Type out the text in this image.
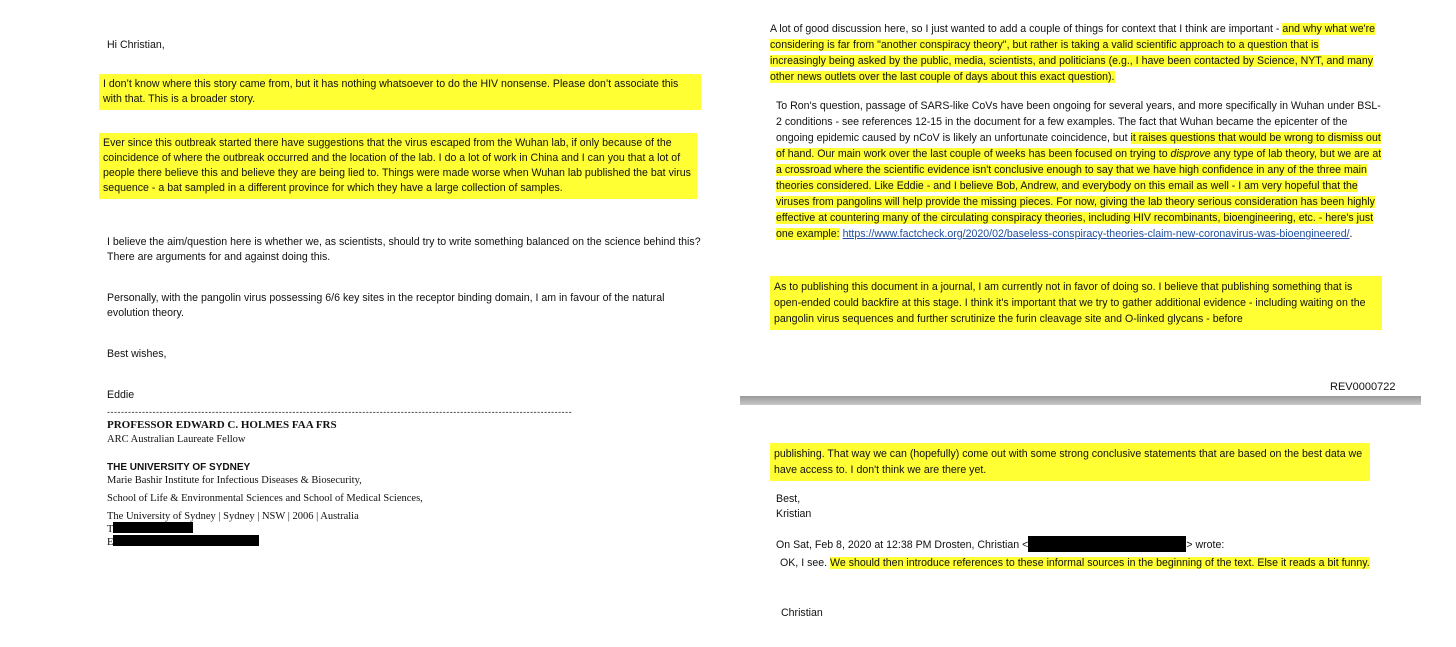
Hi Christian,
I don’t know where this story came from, but it has nothing whatsoever to do the HIV nonsense. Please don’t associate this with that. This is a broader story.
Ever since this outbreak started there have suggestions that the virus escaped from the Wuhan lab, if only because of the coincidence of where the outbreak occurred and the location of the lab. I do a lot of work in China and I can you that a lot of people there believe this and believe they are being lied to. Things were made worse when Wuhan lab published the bat virus sequence - a bat sampled in a different province for which they have a large collection of samples.
I believe the aim/question here is whether we, as scientists, should try to write something balanced on the science behind this? There are arguments for and against doing this.
Personally, with the pangolin virus possessing 6/6 key sites in the receptor binding domain, I am in favour of the natural evolution theory.
Best wishes,
Eddie
-------------------------------------------------------------------------------------------------------------------------------------
PROFESSOR EDWARD C. HOLMES FAA FRS
ARC Australian Laureate Fellow
THE UNIVERSITY OF SYDNEY
Marie Bashir Institute for Infectious Diseases & Biosecurity,
School of Life & Environmental Sciences and School of Medical Sciences,
The University of Sydney | Sydney | NSW | 2006 | Australia
T
E
A lot of good discussion here, so I just wanted to add a couple of things for context that I think are important - and why what we're considering is far from "another conspiracy theory", but rather is taking a valid scientific approach to a question that is increasingly being asked by the public, media, scientists, and politicians (e.g., I have been contacted by Science, NYT, and many other news outlets over the last couple of days about this exact question).
To Ron's question, passage of SARS-like CoVs have been ongoing for several years, and more specifically in Wuhan under BSL-2 conditions - see references 12-15 in the document for a few examples. The fact that Wuhan became the epicenter of the ongoing epidemic caused by nCoV is likely an unfortunate coincidence, but it raises questions that would be wrong to dismiss out of hand. Our main work over the last couple of weeks has been focused on trying to disprove any type of lab theory, but we are at a crossroad where the scientific evidence isn't conclusive enough to say that we have high confidence in any of the three main theories considered. Like Eddie - and I believe Bob, Andrew, and everybody on this email as well - I am very hopeful that the viruses from pangolins will help provide the missing pieces. For now, giving the lab theory serious consideration has been highly effective at countering many of the circulating conspiracy theories, including HIV recombinants, bioengineering, etc. - here's just one example: https://www.factcheck.org/2020/02/baseless-conspiracy-theories-claim-new-coronavirus-was-bioengineered/.
As to publishing this document in a journal, I am currently not in favor of doing so. I believe that publishing something that is open-ended could backfire at this stage. I think it's important that we try to gather additional evidence - including waiting on the pangolin virus sequences and further scrutinize the furin cleavage site and O-linked glycans - before
REV0000722
publishing. That way we can (hopefully) come out with some strong conclusive statements that are based on the best data we have access to. I don't think we are there yet.
Best,
Kristian
On Sat, Feb 8, 2020 at 12:38 PM Drosten, Christian <	> wrote:
OK, I see. We should then introduce references to these informal sources in the beginning of the text. Else it reads a bit funny.
Christian
